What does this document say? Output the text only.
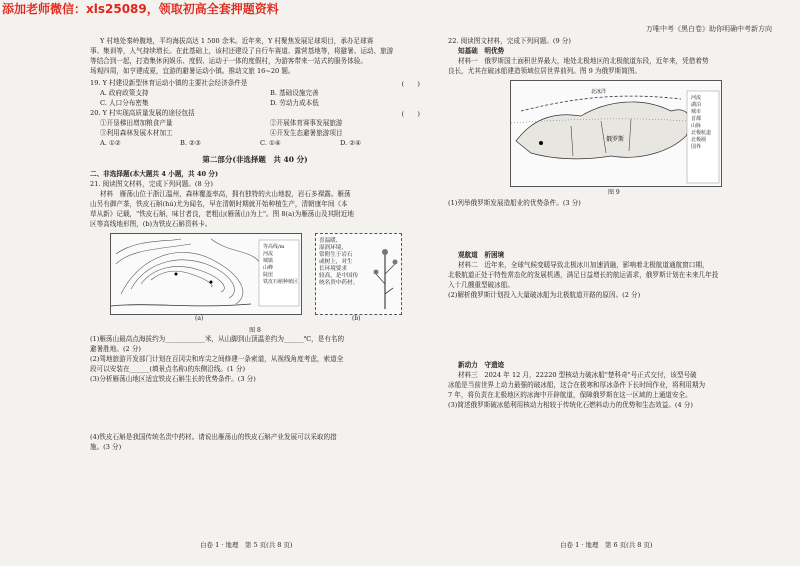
添加老师微信：xls25089，领取初高全套押题资料
万唯中考《黑白卷》助你明确中考新方向
Y 村地处秦岭腹地，平均海拔高达 1 500 余米。近年来，Y 村聚焦发展足球项目，承办足球赛
事、集训等，人气持续增长。在此基础上，该村还建设了自行车赛道、露营基地等，将避暑、运动、旅游
等结合到一起，打造集休闲娱乐、度假、运动于一体的度假村，为游客带来一站式的服务体验。
场观四周，如亨建成夏，宜游的避暑运动小镇。推动文旅 16~20 题。
19. Y 村建设新型休育运动小镇的主要社会经济条件是	(　　)
A. 政府政策支持	B. 基础设施完善
C. 人口分布密集	D. 劳动力成本低
20. Y 村实现高质量发展的途径包括	(　　)
①开垦梯田增加粮食产量	②开展体育赛事发展旅游
③利用森林发展木材加工	④开发生态避暑旅游项目
A. ①②	B. ②③	C. ①④	D. ②④
第二部分(非选择题　共 40 分)
二、非选择题(本大题共 4 小题，共 40 分)
21. 阅读图文材料，完成下列问题。(8 分)
材料　雁荡山位于浙江温州，森林覆盖率高，拥有独特的火山地貌，岩石多裸露。雁荡
山另有御产茶，铁皮石斛(hú)尤为闻名，早在清朝时期就开始种植生产，清朝康年间《本
草从新》记载，"铁皮石斛，味甘者良，老粗山(雁荡山)为上"。图 8(a)为雁荡山及其附近地
区等高线地形图，(b)为铁皮石斛资料卡。
等高线/m
河流
城镇
山峰
陡崖
铁皮石斛种植区
(a)
喜温暖、
湿润环境，
常附生于岩石
或树上，对生
长环境要求
较高，是中国传
统名贵中药材。
(b)
图 8
(1)雁荡山最高点海拔约为____________米，从山脚到山顶温差约为______℃，是有名的
避暑胜地。(2 分)
(2)驾地旅游开发部门计划在百冈尖和库尖之间修建一条索道，从视线角度考虑，索道全
段可以安装在______(填景点名称)的东侧沿线。(1 分)
(3)分析雁荡山地区适宜铁皮石斛生长的优势条件。(3 分)
(4)铁皮石斛是我国传统名贵中药材。请说出雁荡山的铁皮石斛产业发展可以采取的措
施。(3 分)
白卷 1 · 地理　第 5 页(共 8 页)
22. 阅读图文材料，完成下列问题。(9 分)
知基础　明优势
材料一　俄罗斯国土面积世界最大，地处北极地区的北极航道东段，近年来，凭借着势
良长，尤其在破冰船建造领域位居世界前列。图 9 为俄罗斯简图。
北冰洋
俄罗斯
河流
湖泊
城市
首都
山脉
北极航道
北极圈
国界
图 9
(1)列举俄罗斯发展造船业的优势条件。(3 分)
观航道　析困境
材料二　近年来，全球气候变暖导致北极冰川加速消融，影响着北极航道通航窗口期，
北极航道正处于特性常态化的发展机遇，满足日益增长的航运需求，俄罗斯计划在未来几年投
入十几艘重型破冰船。
(2)解析俄罗斯计划投入大量破冰船为北极航道开路的原因。(2 分)
新动力　守遗迹
材料三　2024 年 12 月，22220 型核动力破冰船"楚科奇"号正式交付，该型号破
冰船是当前世界上动力最强的破冰船，这合在极寒和厚冰条件下长时间作业，将利用期为
7 年，将负责在北极地区的冰海中开辟航道，保障俄罗斯在这一区域的上通道安全。
(3)简述俄罗斯破冰船利用核动力相较于传统化石燃料动力的优势和生态效益。(4 分)
白卷 1 · 地理　第 6 页(共 8 页)
